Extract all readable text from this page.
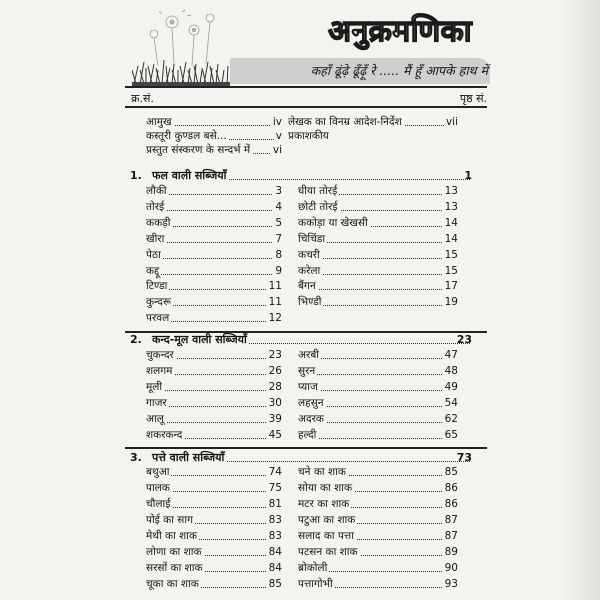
अनुक्रमणिका
कहाँ ढूंढ़े ढूँढ़ूँ रे ..... मैं हूँ आपके हाथ में
क्र.सं.	पृष्ठ सं.
आमुख	iv
कस्तूरी कुण्डल बसे...	v
प्रस्तुत संस्करण के सन्दर्भ में vi
लेखक का विनम्र आदेश-निर्देश	vii
प्रकाशकीय
1. फल वाली सब्जियाँ	1
लौकी	3
तोरई	4
ककड़ी	5
खीरा	7
पेठा	8
कद्दू	9
टिण्डा	11
कुन्दरू	11
परवल	12
घीया तोरई	13
छोटी तोरई	13
ककोड़ा या खेखसी	14
चिचिंडा	14
कचरी	15
करेला	15
बैंगन	17
भिण्डी	19
2. कन्द-मूल वाली सब्जियाँ	23
चुकन्दर	23
शलगम	26
मूली	28
गाजर	30
आलू	39
शकरकन्द	45
अरबी	47
सुरन	48
प्याज	49
लहसुन	54
अदरक	62
हल्दी	65
3. पत्ते वाली सब्जियाँ	73
बथुआ	74
पालक	75
चौलाई	81
पोई का साग	83
मेथी का शाक	83
लोणा का शाक	84
सरसों का शाक	84
चूका का शाक	85
चने का शाक	85
सोया का शाक	86
मटर का शाक	86
पटुआ का शाक	87
सलाद का पत्ता	87
पटसन का शाक	89
ब्रोकोली	90
पत्तागोभी	93
